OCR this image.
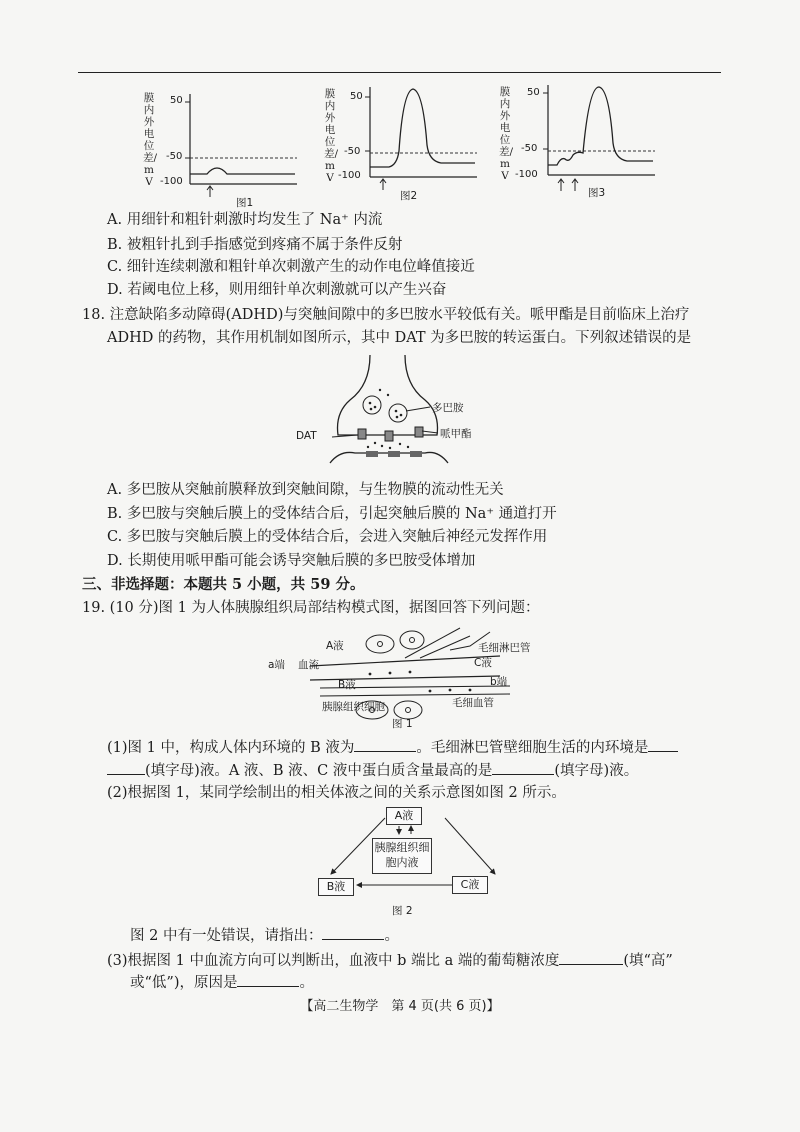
膜内外电位差/mV
50
-50
-100
图1
膜内外电位差/mV
50
-50
-100
图2
膜内外电位差/mV
50
-50
-100
图3
A. 用细针和粗针刺激时均发生了 Na⁺ 内流
B. 被粗针扎到手指感觉到疼痛不属于条件反射
C. 细针连续刺激和粗针单次刺激产生的动作电位峰值接近
D. 若阈电位上移，则用细针单次刺激就可以产生兴奋
18. 注意缺陷多动障碍(ADHD)与突触间隙中的多巴胺水平较低有关。哌甲酯是目前临床上治疗
ADHD 的药物，其作用机制如图所示，其中 DAT 为多巴胺的转运蛋白。下列叙述错误的是
多巴胺
DAT	哌甲酯
A. 多巴胺从突触前膜释放到突触间隙，与生物膜的流动性无关
B. 多巴胺与突触后膜上的受体结合后，引起突触后膜的 Na⁺ 通道打开
C. 多巴胺与突触后膜上的受体结合后，会进入突触后神经元发挥作用
D. 长期使用哌甲酯可能会诱导突触后膜的多巴胺受体增加
三、非选择题：本题共 5 小题，共 59 分。
19. (10 分)图 1 为人体胰腺组织局部结构模式图，据图回答下列问题：
A液
a端 血流
B液
胰腺组织细胞
毛细淋巴管
C液
b端
毛细血管
图 1
(1)图 1 中，构成人体内环境的 B 液为	。毛细淋巴管壁细胞生活的内环境是
(填字母)液。A 液、B 液、C 液中蛋白质含量最高的是	(填字母)液。
(2)根据图 1，某同学绘制出的相关体液之间的关系示意图如图 2 所示。
A液
胰腺组织细胞内液
B液	C液
图 2
图 2 中有一处错误，请指出：	。
(3)根据图 1 中血流方向可以判断出，血液中 b 端比 a 端的葡萄糖浓度	(填“高”
或“低”)，原因是	。
【高二生物学　第 4 页(共 6 页)】
